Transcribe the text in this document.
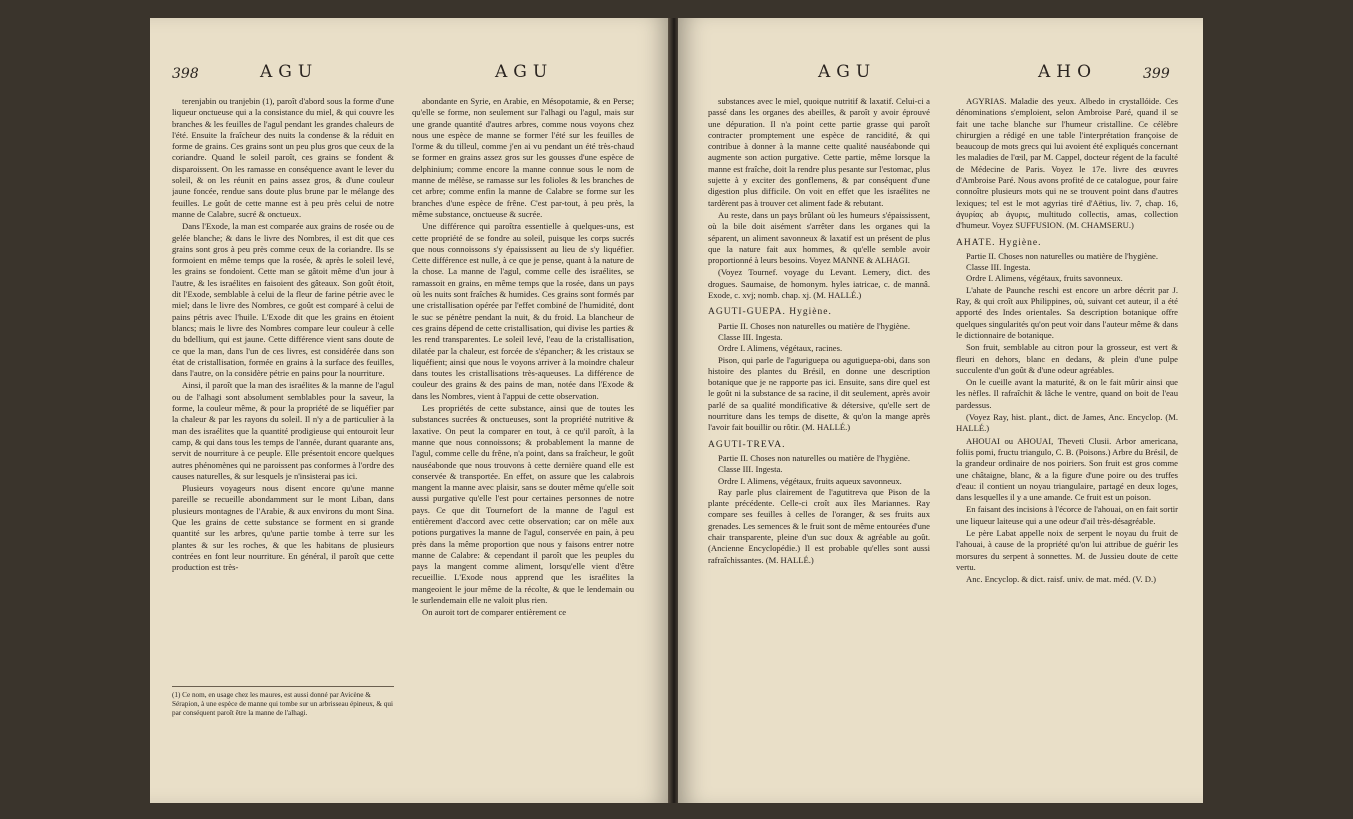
398	AGU	AGU

terenjabin ou tranjebin (1), paroît d'abord sous la forme d'une liqueur onctueuse qui a la consistance du miel, & qui couvre les branches & les feuilles de l'agul pendant les grandes chaleurs de l'été. Ensuite la fraîcheur des nuits la condense & la réduit en forme de grains. Ces grains sont un peu plus gros que ceux de la coriandre. Quand le soleil paroît, ces grains se fondent & disparoissent. On les ramasse en conséquence avant le lever du soleil, & on les réunit en pains assez gros, & d'une couleur jaune foncée, rendue sans doute plus brune par le mélange des feuilles. Le goût de cette manne est à peu près celui de notre manne de Calabre, sucré & onctueux.

Dans l'Exode, la man est comparée aux grains de rosée ou de gelée blanche; & dans le livre des Nombres, il est dit que ces grains sont gros à peu près comme ceux de la coriandre. Ils se formoient en même temps que la rosée, & après le soleil levé, les grains se fondoient. Cette man se gâtoit même d'un jour à l'autre, & les israélites en faisoient des gâteaux. Son goût étoit, dit l'Exode, semblable à celui de la fleur de farine pétrie avec le miel; dans le livre des Nombres, ce goût est comparé à celui de pains pétris avec l'huile. L'Exode dit que les grains en étoient blancs; mais le livre des Nombres compare leur couleur à celle du bdellium, qui est jaune. Cette différence vient sans doute de ce que la man, dans l'un de ces livres, est considérée dans son état de cristallisation, formée en grains à la surface des feuilles, dans l'autre, on la considère pétrie en pains pour la nourriture.

Ainsi, il paroît que la man des israélites & la manne de l'agul ou de l'alhagi sont absolument semblables pour la saveur, la forme, la couleur même, & pour la propriété de se liquéfier par la chaleur & par les rayons du soleil. Il n'y a de particulier à la man des israélites que la quantité prodigieuse qui entouroit leur camp, & qui dans tous les temps de l'année, durant quarante ans, servit de nourriture à ce peuple. Elle présentoit encore quelques autres phénomènes qui ne paroissent pas conformes à l'ordre des causes naturelles, & sur lesquels je n'insisterai pas ici.

Plusieurs voyageurs nous disent encore qu'une manne pareille se recueille abondamment sur le mont Liban, dans plusieurs montagnes de l'Arabie, & aux environs du mont Sina. Que les grains de cette substance se forment en si grande quantité sur les arbres, qu'une partie tombe à terre sur les plantes & sur les roches, & que les habitans de plusieurs contrées en font leur nourriture. En général, il paroît que cette production est très-

(1) Ce nom, en usage chez les maures, est aussi donné par Avicène & Sérapion, à une espèce de manne qui tombe sur un arbrisseau épineux, & qui par conséquent paroît être la manne de l'alhagi.

abondante en Syrie, en Arabie, en Mésopotamie, & en Perse; qu'elle se forme, non seulement sur l'alhagi ou l'agul, mais sur une grande quantité d'autres arbres, comme nous voyons chez nous une espèce de manne se former l'été sur les feuilles de l'orme & du tilleul, comme j'en ai vu pendant un été très-chaud se former en grains assez gros sur les gousses d'une espèce de delphinium; comme encore la manne connue sous le nom de manne de mélèse, se ramasse sur les folioles & les branches de cet arbre; comme enfin la manne de Calabre se forme sur les branches d'une espèce de frêne. C'est par-tout, à peu près, la même substance, onctueuse & sucrée.

Une différence qui paroîtra essentielle à quelques-uns, est cette propriété de se fondre au soleil, puisque les corps sucrés que nous connoissons s'y épaississent au lieu de s'y liquéfier. Cette différence est nulle, à ce que je pense, quant à la nature de la chose. La manne de l'agul, comme celle des israélites, se ramassoit en grains, en même temps que la rosée, dans un pays où les nuits sont fraîches & humides. Ces grains sont formés par une cristallisation opérée par l'effet combiné de l'humidité, dont le suc se pénètre pendant la nuit, & du froid. La blancheur de ces grains dépend de cette cristallisation, qui divise les parties & les rend transparentes. Le soleil levé, l'eau de la cristallisation, dilatée par la chaleur, est forcée de s'épancher; & les cristaux se liquéfient; ainsi que nous le voyons arriver à la moindre chaleur dans toutes les cristallisations très-aqueuses. La différence de couleur des grains & des pains de man, notée dans l'Exode & dans les Nombres, vient à l'appui de cette observation.

Les propriétés de cette substance, ainsi que de toutes les substances sucrées & onctueuses, sont la propriété nutritive & laxative. On peut la comparer en tout, à ce qu'il paroît, à la manne que nous connoissons; & probablement la manne de l'agul, comme celle du frêne, n'a point, dans sa fraîcheur, le goût nauséabonde que nous trouvons à cette dernière quand elle est conservée & transportée. En effet, on assure que les calabrois mangent la manne avec plaisir, sans se douter même qu'elle soit aussi purgative qu'elle l'est pour certaines personnes de notre pays. Ce que dit Tournefort de la manne de l'agul est entièrement d'accord avec cette observation; car on mêle aux potions purgatives la manne de l'agul, conservée en pain, à peu près dans la même proportion que nous y faisons entrer notre manne de Calabre: & cependant il paroît que les peuples du pays la mangent comme aliment, lorsqu'elle vient d'être recueillie. L'Exode nous apprend que les israélites la mangeoient le jour même de la récolte, & que le lendemain ou le surlendemain elle ne valoit plus rien.

On auroit tort de comparer entièrement ce

AGU	AHO	399

substances avec le miel, quoique nutritif & laxatif. Celui-ci a passé dans les organes des abeilles, & paroît y avoir éprouvé une dépuration. Il n'a point cette partie grasse qui paroît contracter promptement une espèce de rancidité, & qui contribue à donner à la manne cette qualité nauséabonde qui augmente son action purgative. Cette partie, même lorsque la manne est fraîche, doit la rendre plus pesante sur l'estomac, plus sujette à y exciter des gonflemens, & par conséquent d'une digestion plus difficile. On voit en effet que les israélites ne tardèrent pas à trouver cet aliment fade & rebutant.

Au reste, dans un pays brûlant où les humeurs s'épaississent, où la bile doit aisément s'arrêter dans les organes qui la séparent, un aliment savonneux & laxatif est un présent de plus que la nature fait aux hommes, & qu'elle semble avoir proportionné à leurs besoins. Voyez MANNE & ALHAGI.

(Voyez Tournef. voyage du Levant. Lemery, dict. des drogues. Saumaise, de homonym. hyles iatricae, c. de mannâ. Exode, c. xvj; nomb. chap. xj. (M. HALLÉ.)

AGUTI-GUEPA. Hygiène.

Partie II. Choses non naturelles ou matière de l'hygiène.

Classe III. Ingesta.

Ordre I. Alimens, végétaux, racines.

Pison, qui parle de l'aguriguepa ou agutiguepa-obi, dans son histoire des plantes du Brésil, en donne une description botanique que je ne rapporte pas ici. Ensuite, sans dire quel est le goût ni la substance de sa racine, il dit seulement, après avoir parlé de sa qualité mondificative & détersive, qu'elle sert de nourriture dans les temps de disette, & qu'on la mange après l'avoir fait bouillir ou rôtir. (M. HALLÉ.)

AGUTI-TREVA.

Partie II. Choses non naturelles ou matière de l'hygiène.

Classe III. Ingesta.

Ordre I. Alimens, végétaux, fruits aqueux savonneux.

Ray parle plus clairement de l'agutitreva que Pison de la plante précédente. Celle-ci croît aux îles Mariannes. Ray compare ses feuilles à celles de l'oranger, & ses fruits aux grenades. Les semences & le fruit sont de même entourées d'une chair transparente, pleine d'un suc doux & agréable au goût. (Ancienne Encyclopédie.) Il est probable qu'elles sont aussi rafraîchissantes. (M. HALLÉ.)

AGYRIAS. Maladie des yeux. Albedo in crystallóide. Ces dénominations s'emploient, selon Ambroise Paré, quand il se fait une tache blanche sur l'humeur cristalline. Ce célèbre chirurgien a rédigé en une table l'interprétation françoise de beaucoup de mots grecs qui lui avoient été expliqués concernant les maladies de l'œil, par M. Cappel, docteur régent de la faculté de Médecine de Paris. Voyez le 17e. livre des œuvres d'Ambroise Paré. Nous avons profité de ce catalogue, pour faire connoître plusieurs mots qui ne se trouvent point dans d'autres lexiques; tel est le mot agyrias tiré d'Aëtius, liv. 7, chap. 16, ἀγυρίας ab ἀγυρις, multitudo collectis, amas, collection d'humeur. Voyez SUFFUSION. (M. CHAMSERU.)

AHATE. Hygiène.

Partie II. Choses non naturelles ou matière de l'hygiène.

Classe III. Ingesta.

Ordre I. Alimens, végétaux, fruits savonneux.

L'ahate de Paunche reschi est encore un arbre décrit par J. Ray, & qui croît aux Philippines, où, suivant cet auteur, il a été apporté des Indes orientales. Sa description botanique offre quelques singularités qu'on peut voir dans l'auteur même & dans le dictionnaire de botanique.

Son fruit, semblable au citron pour la grosseur, est vert & fleuri en dehors, blanc en dedans, & plein d'une pulpe succulente d'un goût & d'une odeur agréables.

On le cueille avant la maturité, & on le fait mûrir ainsi que les nèfles. Il rafraîchit & lâche le ventre, quand on boit de l'eau pardessus.

(Voyez Ray, hist. plant., dict. de James, Anc. Encyclop. (M. HALLÉ.)

AHOUAI ou AHOUAI, Theveti Clusii. Arbor americana, foliis pomi, fructu triangulo, C. B. (Poisons.) Arbre du Brésil, de la grandeur ordinaire de nos poiriers. Son fruit est gros comme une châtaigne, blanc, & a la figure d'une poire ou des truffes d'eau: il contient un noyau triangulaire, partagé en deux loges, dans lesquelles il y a une amande. Ce fruit est un poison.

En faisant des incisions à l'écorce de l'ahouai, on en fait sortir une liqueur laiteuse qui a une odeur d'ail très-désagréable.

Le père Labat appelle noix de serpent le noyau du fruit de l'ahouai, à cause de la propriété qu'on lui attribue de guérir les morsures du serpent à sonnettes. M. de Jussieu doute de cette vertu.

Anc. Encyclop. & dict. raisf. univ. de mat. méd. (V. D.)
